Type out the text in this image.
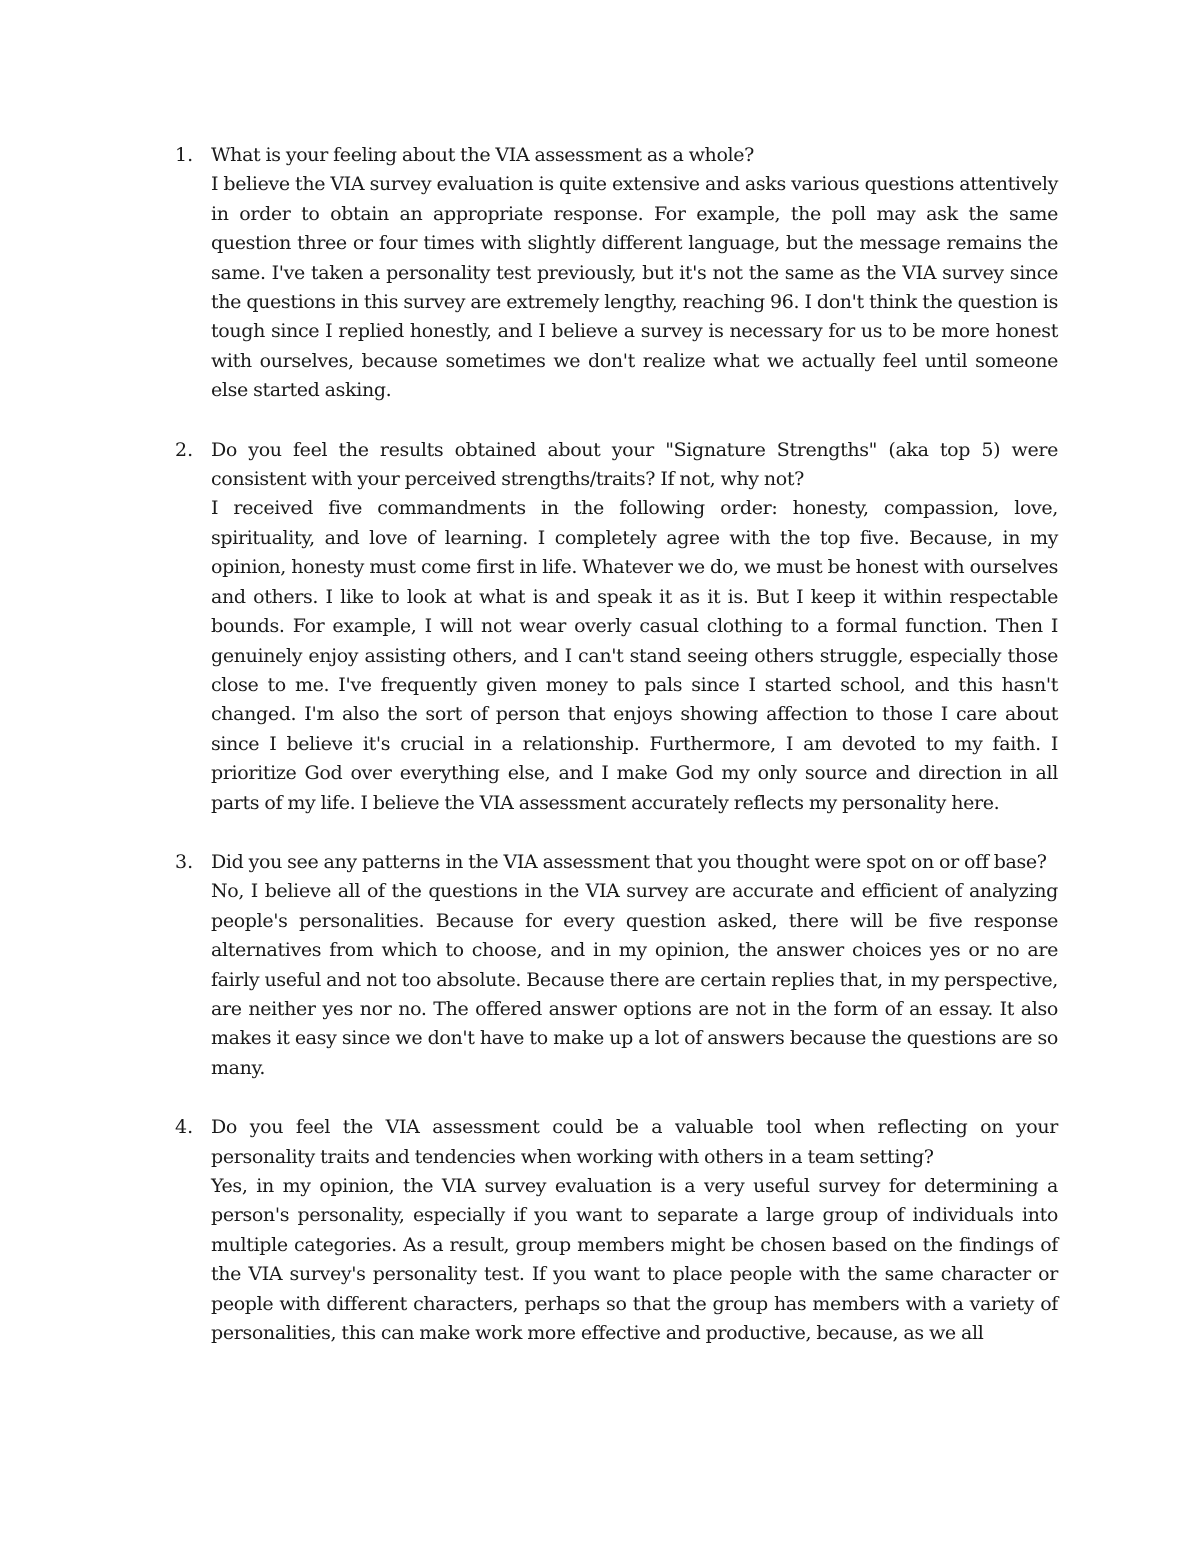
1. What is your feeling about the VIA assessment as a whole?
I believe the VIA survey evaluation is quite extensive and asks various questions attentively in order to obtain an appropriate response. For example, the poll may ask the same question three or four times with slightly different language, but the message remains the same. I've taken a personality test previously, but it's not the same as the VIA survey since the questions in this survey are extremely lengthy, reaching 96. I don't think the question is tough since I replied honestly, and I believe a survey is necessary for us to be more honest with ourselves, because sometimes we don't realize what we actually feel until someone else started asking.
2. Do you feel the results obtained about your "Signature Strengths" (aka top 5) were consistent with your perceived strengths/traits? If not, why not?
I received five commandments in the following order: honesty, compassion, love, spirituality, and love of learning. I completely agree with the top five. Because, in my opinion, honesty must come first in life. Whatever we do, we must be honest with ourselves and others. I like to look at what is and speak it as it is. But I keep it within respectable bounds. For example, I will not wear overly casual clothing to a formal function. Then I genuinely enjoy assisting others, and I can't stand seeing others struggle, especially those close to me. I've frequently given money to pals since I started school, and this hasn't changed. I'm also the sort of person that enjoys showing affection to those I care about since I believe it's crucial in a relationship. Furthermore, I am devoted to my faith. I prioritize God over everything else, and I make God my only source and direction in all parts of my life. I believe the VIA assessment accurately reflects my personality here.
3. Did you see any patterns in the VIA assessment that you thought were spot on or off base?
No, I believe all of the questions in the VIA survey are accurate and efficient of analyzing people's personalities. Because for every question asked, there will be five response alternatives from which to choose, and in my opinion, the answer choices yes or no are fairly useful and not too absolute. Because there are certain replies that, in my perspective, are neither yes nor no. The offered answer options are not in the form of an essay. It also makes it easy since we don't have to make up a lot of answers because the questions are so many.
4. Do you feel the VIA assessment could be a valuable tool when reflecting on your personality traits and tendencies when working with others in a team setting?
Yes, in my opinion, the VIA survey evaluation is a very useful survey for determining a person's personality, especially if you want to separate a large group of individuals into multiple categories. As a result, group members might be chosen based on the findings of the VIA survey's personality test. If you want to place people with the same character or people with different characters, perhaps so that the group has members with a variety of personalities, this can make work more effective and productive, because, as we all
